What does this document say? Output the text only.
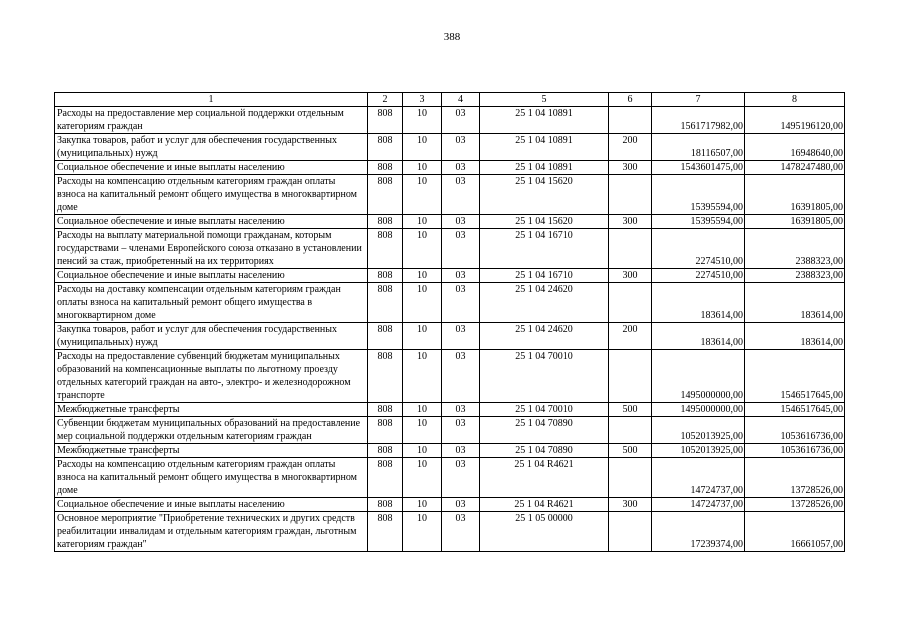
388
1	2	3	4	5	6	7	8
Расходы на предоставление мер социальной поддержки отдельным категориям граждан	808	10	03	25 1 04 10891		1561717982,00	1495196120,00
Закупка товаров, работ и услуг для обеспечения государственных (муниципальных) нужд	808	10	03	25 1 04 10891	200	18116507,00	16948640,00
Социальное обеспечение и иные выплаты населению	808	10	03	25 1 04 10891	300	1543601475,00	1478247480,00
Расходы на компенсацию отдельным категориям граждан оплаты взноса на капитальный ремонт общего имущества в многоквартирном доме	808	10	03	25 1 04 15620		15395594,00	16391805,00
Социальное обеспечение и иные выплаты населению	808	10	03	25 1 04 15620	300	15395594,00	16391805,00
Расходы на выплату материальной помощи гражданам, которым государствами – членами Европейского союза отказано в установлении пенсий за стаж, приобретенный на их территориях	808	10	03	25 1 04 16710		2274510,00	2388323,00
Социальное обеспечение и иные выплаты населению	808	10	03	25 1 04 16710	300	2274510,00	2388323,00
Расходы на доставку компенсации отдельным категориям граждан оплаты взноса на капитальный ремонт общего имущества в многоквартирном доме	808	10	03	25 1 04 24620		183614,00	183614,00
Закупка товаров, работ и услуг для обеспечения государственных (муниципальных) нужд	808	10	03	25 1 04 24620	200	183614,00	183614,00
Расходы на предоставление субвенций бюджетам муниципальных образований на компенсационные выплаты по льготному проезду отдельных категорий граждан на авто-, электро- и железнодорожном транспорте	808	10	03	25 1 04 70010		1495000000,00	1546517645,00
Межбюджетные трансферты	808	10	03	25 1 04 70010	500	1495000000,00	1546517645,00
Субвенции бюджетам муниципальных образований на предоставление мер социальной поддержки отдельным категориям граждан	808	10	03	25 1 04 70890		1052013925,00	1053616736,00
Межбюджетные трансферты	808	10	03	25 1 04 70890	500	1052013925,00	1053616736,00
Расходы на компенсацию отдельным категориям граждан оплаты взноса на капитальный ремонт общего имущества в многоквартирном доме	808	10	03	25 1 04 R4621		14724737,00	13728526,00
Социальное обеспечение и иные выплаты населению	808	10	03	25 1 04 R4621	300	14724737,00	13728526,00
Основное мероприятие "Приобретение технических и других средств реабилитации инвалидам и отдельным категориям граждан, льготным категориям граждан"	808	10	03	25 1 05 00000		17239374,00	16661057,00
